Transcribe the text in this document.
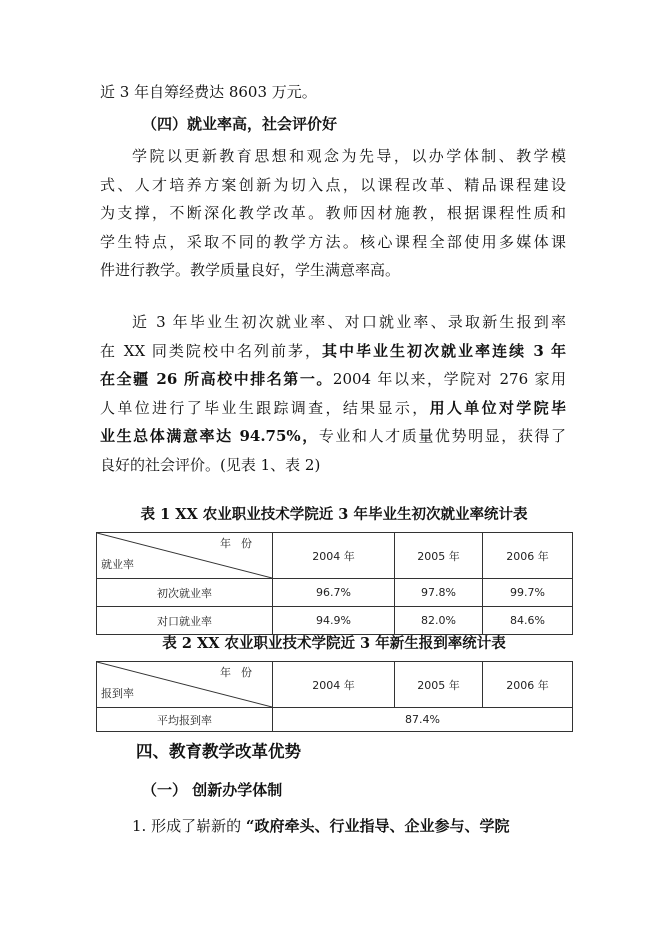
近 3 年自筹经费达 8603 万元。
（四）就业率高，社会评价好
学院以更新教育思想和观念为先导，以办学体制、教学模
式、人才培养方案创新为切入点，以课程改革、精品课程建设
为支撑，不断深化教学改革。教师因材施教，根据课程性质和
学生特点，采取不同的教学方法。核心课程全部使用多媒体课
件进行教学。教学质量良好，学生满意率高。
近 3 年毕业生初次就业率、对口就业率、录取新生报到率
在 XX 同类院校中名列前茅，其中毕业生初次就业率连续 3 年
在全疆 26 所高校中排名第一。2004 年以来，学院对 276 家用
人单位进行了毕业生跟踪调查，结果显示，用人单位对学院毕
业生总体满意率达 94.75%，专业和人才质量优势明显，获得了
良好的社会评价。(见表 1、表 2)
表 1 XX 农业职业技术学院近 3 年毕业生初次就业率统计表
年份
就业率	2004 年	2005 年	2006 年
初次就业率	96.7%	97.8%	99.7%
对口就业率	94.9%	82.0%	84.6%
表 2 XX 农业职业技术学院近 3 年新生报到率统计表
年份
报到率	2004 年	2005 年	2006 年
平均报到率	87.4%		
四、教育教学改革优势
（一） 创新办学体制
1. 形成了崭新的 “政府牵头、行业指导、企业参与、学院
